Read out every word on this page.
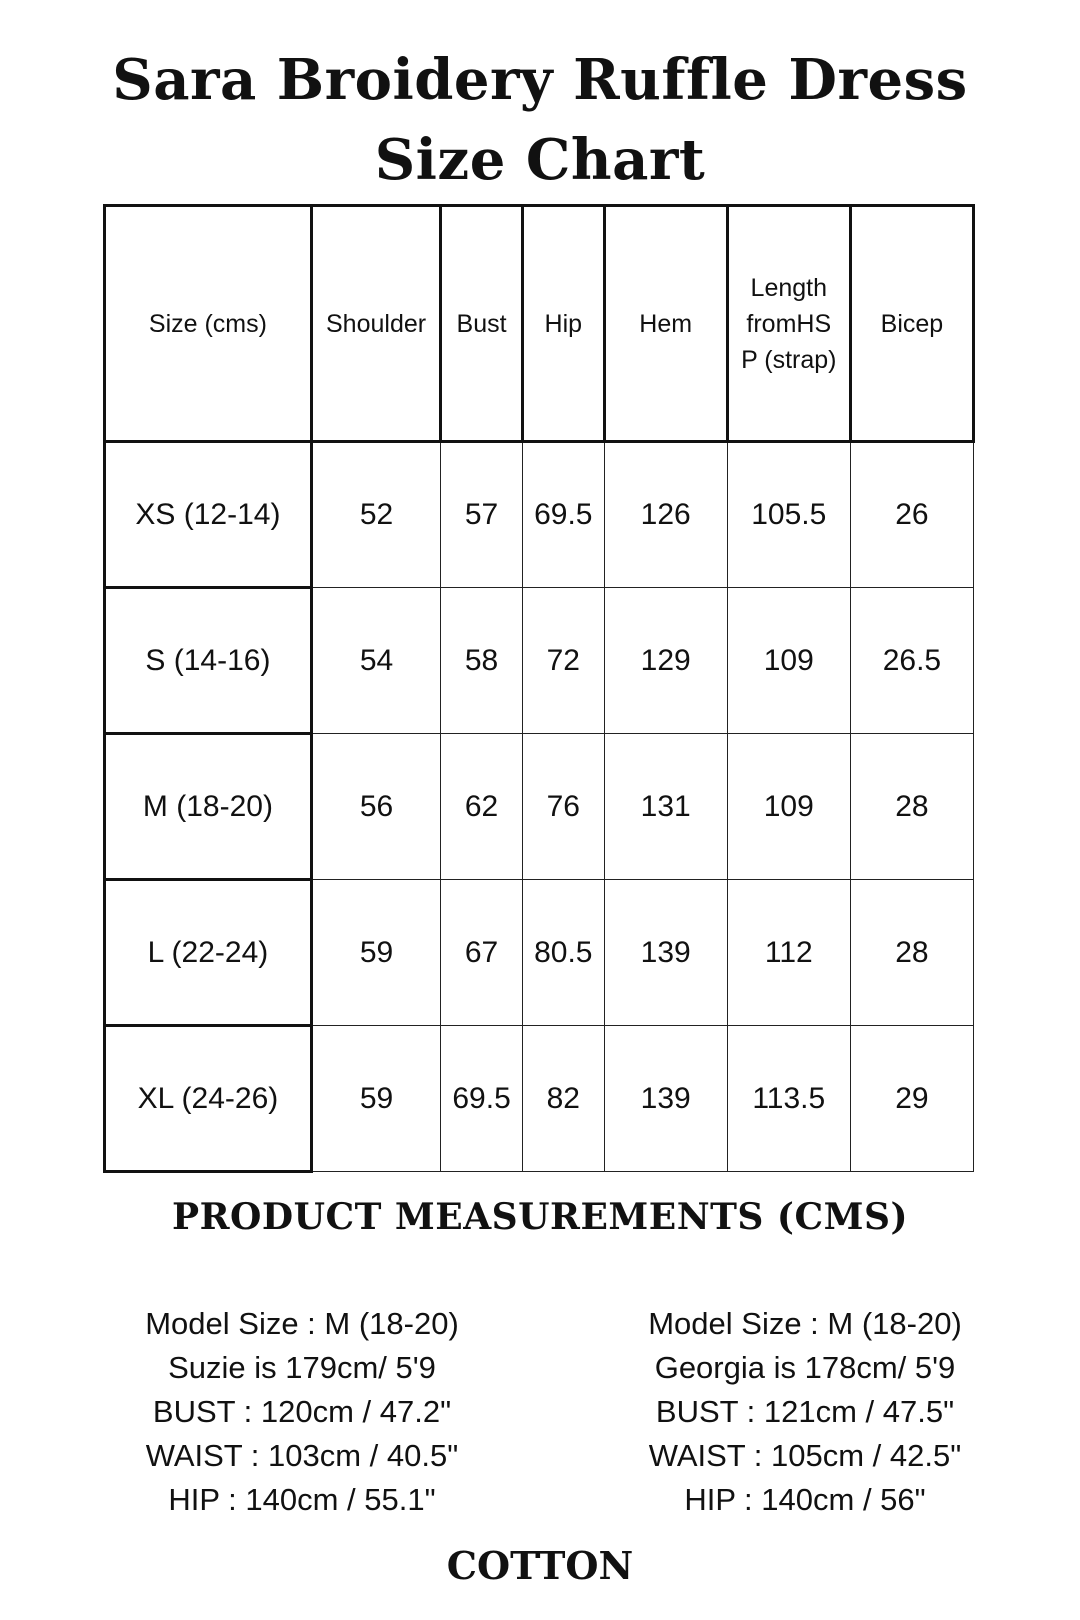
Sara Broidery Ruffle Dress
Size Chart
Size (cms)	Shoulder	Bust	Hip	Hem	Length fromHS P (strap)	Bicep
XS (12-14)	52	57	69.5	126	105.5	26
S (14-16)	54	58	72	129	109	26.5
M (18-20)	56	62	76	131	109	28
L (22-24)	59	67	80.5	139	112	28
XL (24-26)	59	69.5	82	139	113.5	29
PRODUCT MEASUREMENTS (CMS)
Model Size : M (18-20)
Suzie is 179cm/ 5'9
BUST : 120cm / 47.2"
WAIST : 103cm / 40.5"
HIP : 140cm / 55.1"
Model Size : M (18-20)
Georgia is 178cm/ 5'9
BUST : 121cm / 47.5"
WAIST : 105cm / 42.5"
HIP : 140cm / 56"
COTTON
